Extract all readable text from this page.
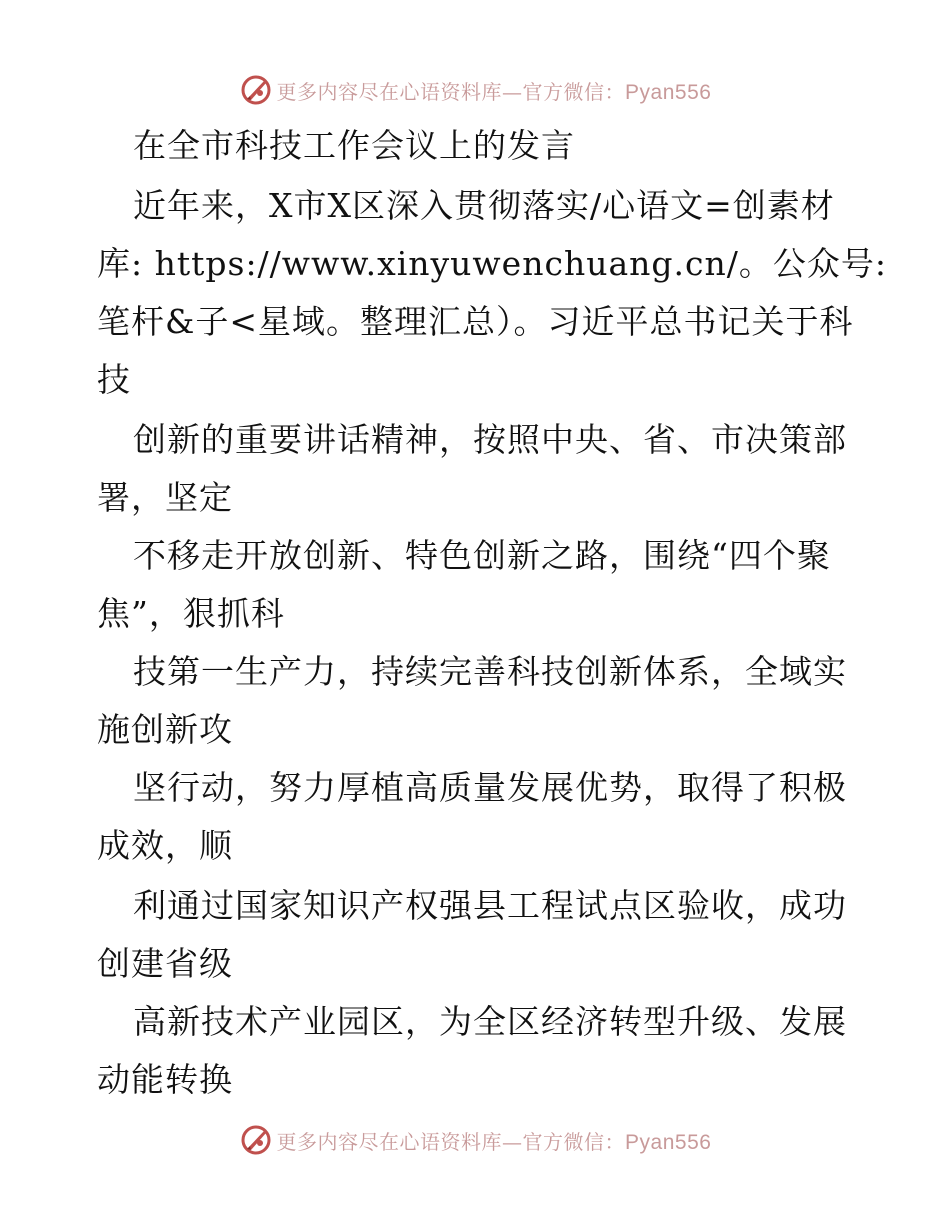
更多内容尽在心语资料库—官方微信：Pyan556
在全市科技工作会议上的发言
近年来，X市X区深入贯彻落实/心语文=创素材
库: https://www.xinyuwenchuang.cn/。公众号:
笔杆&子<星域。整理汇总）。习近平总书记关于科
技
创新的重要讲话精神，按照中央、省、市决策部
署，坚定
不移走开放创新、特色创新之路，围绕“四个聚
焦”，狠抓科
技第一生产力，持续完善科技创新体系，全域实
施创新攻
坚行动，努力厚植高质量发展优势，取得了积极
成效，顺
利通过国家知识产权强县工程试点区验收，成功
创建省级
高新技术产业园区，为全区经济转型升级、发展
动能转换
更多内容尽在心语资料库—官方微信：Pyan556
